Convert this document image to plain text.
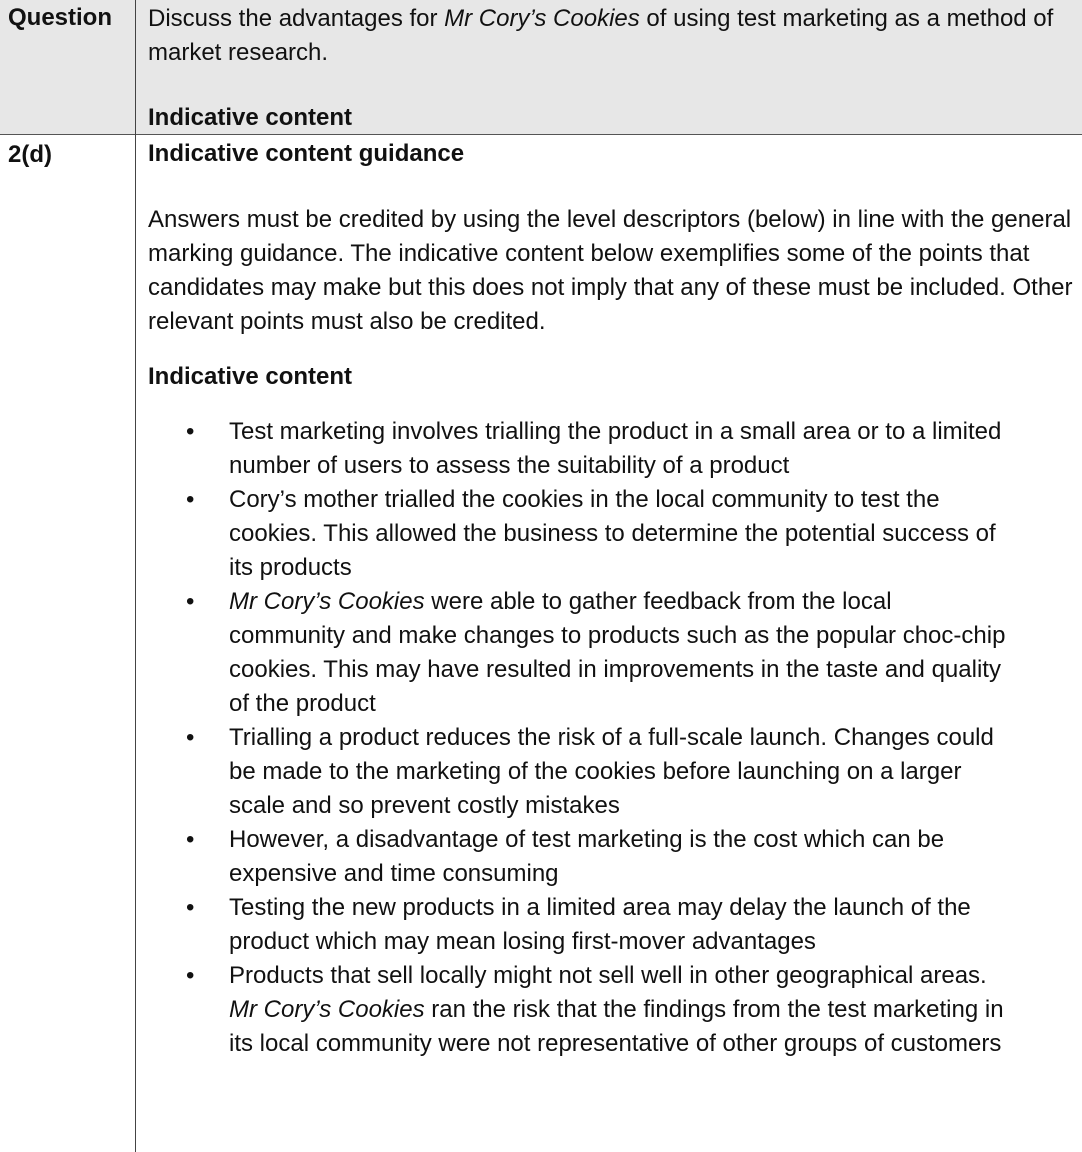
Question Discuss the advantages for Mr Cory’s Cookies of using test marketing as a method of market research.
Indicative content
2(d)	Indicative content guidance
Answers must be credited by using the level descriptors (below) in line with the general marking guidance. The indicative content below exemplifies some of the points that candidates may make but this does not imply that any of these must be included. Other relevant points must also be credited.
Indicative content
• Test marketing involves trialling the product in a small area or to a limited number of users to assess the suitability of a product
• Cory’s mother trialled the cookies in the local community to test the cookies. This allowed the business to determine the potential success of its products
• Mr Cory’s Cookies were able to gather feedback from the local community and make changes to products such as the popular choc-chip cookies. This may have resulted in improvements in the taste and quality of the product
• Trialling a product reduces the risk of a full-scale launch. Changes could be made to the marketing of the cookies before launching on a larger scale and so prevent costly mistakes
• However, a disadvantage of test marketing is the cost which can be expensive and time consuming
• Testing the new products in a limited area may delay the launch of the product which may mean losing first-mover advantages
• Products that sell locally might not sell well in other geographical areas. Mr Cory’s Cookies ran the risk that the findings from the test marketing in its local community were not representative of other groups of customers
